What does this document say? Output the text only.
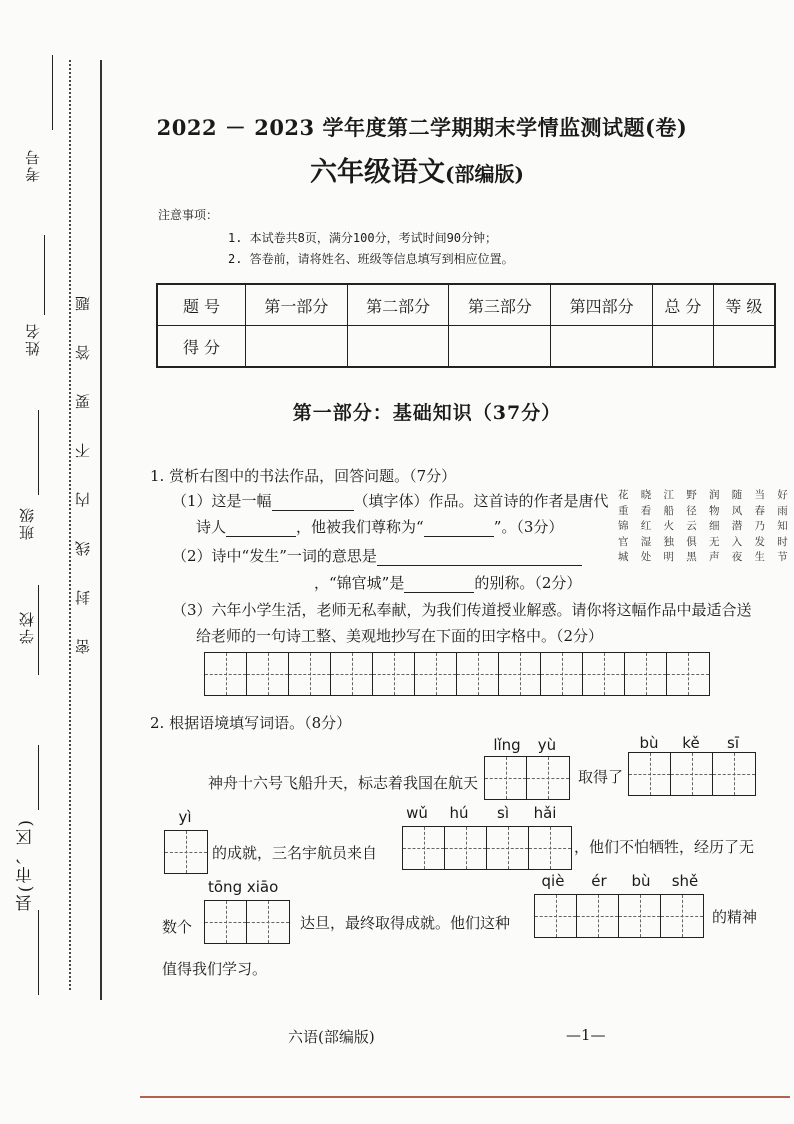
考号
姓名
班级
学校
县(市、区)
密封线内不要答题
2022 － 2023 学年度第二学期期末学情监测试题(卷)
六年级语文(部编版)
注意事项：
1. 本试卷共8页，满分100分，考试时间90分钟；
2. 答卷前，请将姓名、班级等信息填写到相应位置。
题 号	第一部分	第二部分	第三部分	第四部分	总 分	等 级
得 分						
第一部分：基础知识（37分）
1. 赏析右图中的书法作品，回答问题。（7分）
（1）这是一幅	（填字体）作品。这首诗的作者是唐代
诗人	，他被我们尊称为“	”。（3分）
（2）诗中“发生”一词的意思是
，“锦官城”是	的别称。（2分）
（3）六年小学生活，老师无私奉献，为我们传道授业解惑。请你将这幅作品中最适合送
给老师的一句诗工整、美观地抄写在下面的田字格中。（2分）
好雨知时节
当春乃发生
随风潜入夜
润物细无声
野径云俱黑
江船火独明
晓看红湿处
花重锦官城
2. 根据语境填写词语。（8分）
lǐng	yù	bù	kě	sī
神舟十六号飞船升天，标志着我国在航天	取得了
yì	wǔ	hú	sì	hǎi
的成就，三名宇航员来自	，他们不怕牺牲，经历了无
tōng xiāo	qiè	ér	bù	shě
数个	达旦，最终取得成就。他们这种	的精神
值得我们学习。
六语(部编版)	—1—
